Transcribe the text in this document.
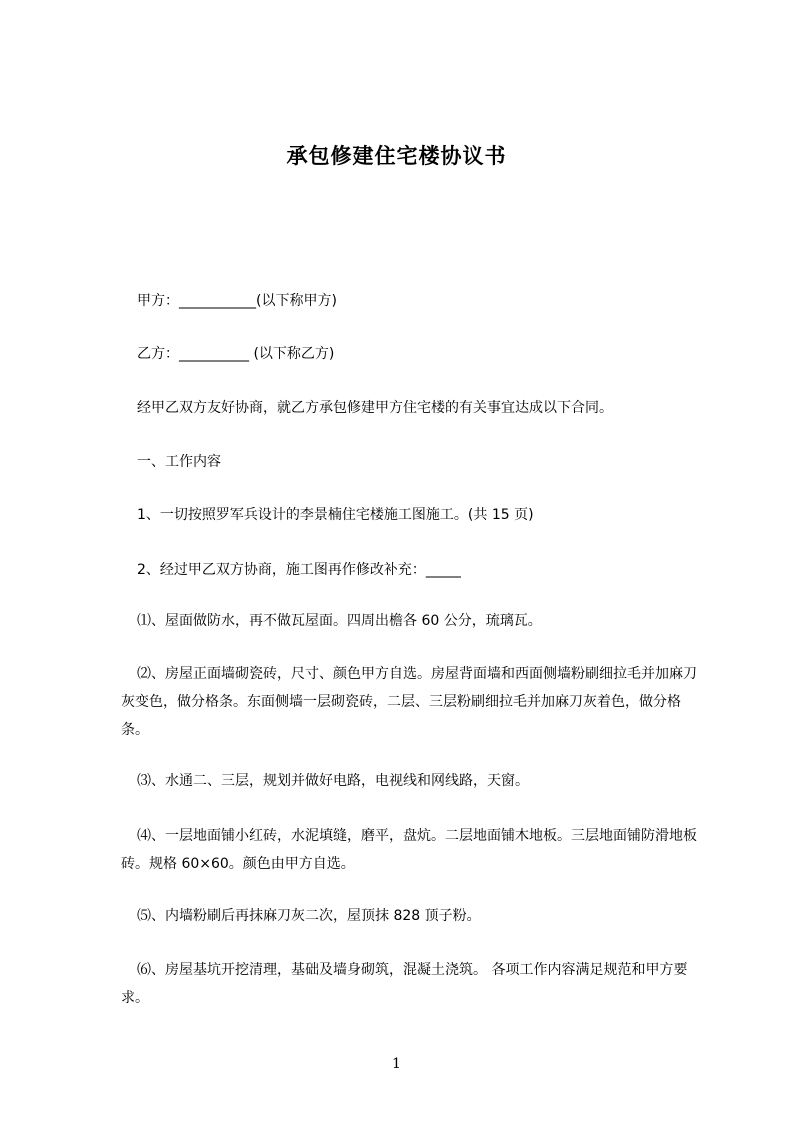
承包修建住宅楼协议书
甲方：___________(以下称甲方)
乙方：__________ (以下称乙方)
经甲乙双方友好协商，就乙方承包修建甲方住宅楼的有关事宜达成以下合同。
一、工作内容
1、一切按照罗军兵设计的李景楠住宅楼施工图施工。(共 15 页)
2、经过甲乙双方协商，施工图再作修改补充：_____
⑴、屋面做防水，再不做瓦屋面。四周出檐各 60 公分，琉璃瓦。
⑵、房屋正面墙砌瓷砖，尺寸、颜色甲方自选。房屋背面墙和西面侧墙粉刷细拉毛并加麻刀灰变色，做分格条。东面侧墙一层砌瓷砖，二层、三层粉刷细拉毛并加麻刀灰着色，做分格条。
⑶、水通二、三层，规划并做好电路，电视线和网线路，天窗。
⑷、一层地面铺小红砖，水泥填缝，磨平，盘炕。二层地面铺木地板。三层地面铺防滑地板砖。规格 60×60。颜色由甲方自选。
⑸、内墙粉刷后再抹麻刀灰二次，屋顶抹 828 顶子粉。
⑹、房屋基坑开挖清理，基础及墙身砌筑，混凝土浇筑。 各项工作内容满足规范和甲方要求。
1
